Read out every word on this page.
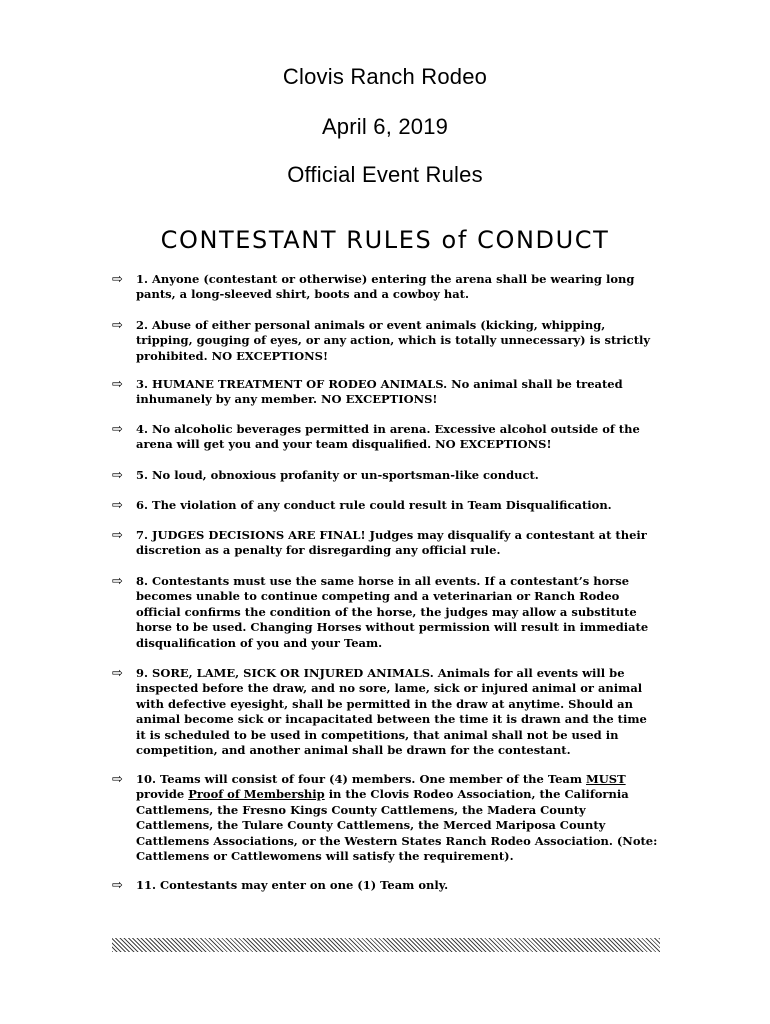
Clovis Ranch Rodeo
April 6, 2019
Official Event Rules
CONTESTANT RULES of CONDUCT
⇨	1. Anyone (contestant or otherwise) entering the arena shall be wearing long pants, a long-sleeved shirt, boots and a cowboy hat.
⇨	2. Abuse of either personal animals or event animals (kicking, whipping, tripping, gouging of eyes, or any action, which is totally unnecessary) is strictly prohibited. NO EXCEPTIONS!
⇨	3. HUMANE TREATMENT OF RODEO ANIMALS. No animal shall be treated inhumanely by any member. NO EXCEPTIONS!
⇨	4. No alcoholic beverages permitted in arena. Excessive alcohol outside of the arena will get you and your team disqualified. NO EXCEPTIONS!
⇨	5. No loud, obnoxious profanity or un-sportsman-like conduct.
⇨	6. The violation of any conduct rule could result in Team Disqualification.
⇨	7. JUDGES DECISIONS ARE FINAL! Judges may disqualify a contestant at their discretion as a penalty for disregarding any official rule.
⇨	8. Contestants must use the same horse in all events. If a contestant’s horse becomes unable to continue competing and a veterinarian or Ranch Rodeo official confirms the condition of the horse, the judges may allow a substitute horse to be used. Changing Horses without permission will result in immediate disqualification of you and your Team.
⇨	9. SORE, LAME, SICK OR INJURED ANIMALS. Animals for all events will be inspected before the draw, and no sore, lame, sick or injured animal or animal with defective eyesight, shall be permitted in the draw at anytime. Should an animal become sick or incapacitated between the time it is drawn and the time it is scheduled to be used in competitions, that animal shall not be used in competition, and another animal shall be drawn for the contestant.
⇨	10. Teams will consist of four (4) members. One member of the Team MUST provide Proof of Membership in the Clovis Rodeo Association, the California Cattlemens, the Fresno Kings County Cattlemens, the Madera County Cattlemens, the Tulare County Cattlemens, the Merced Mariposa County Cattlemens Associations, or the Western States Ranch Rodeo Association. (Note: Cattlemens or Cattlewomens will satisfy the requirement).
⇨	11. Contestants may enter on one (1) Team only.
